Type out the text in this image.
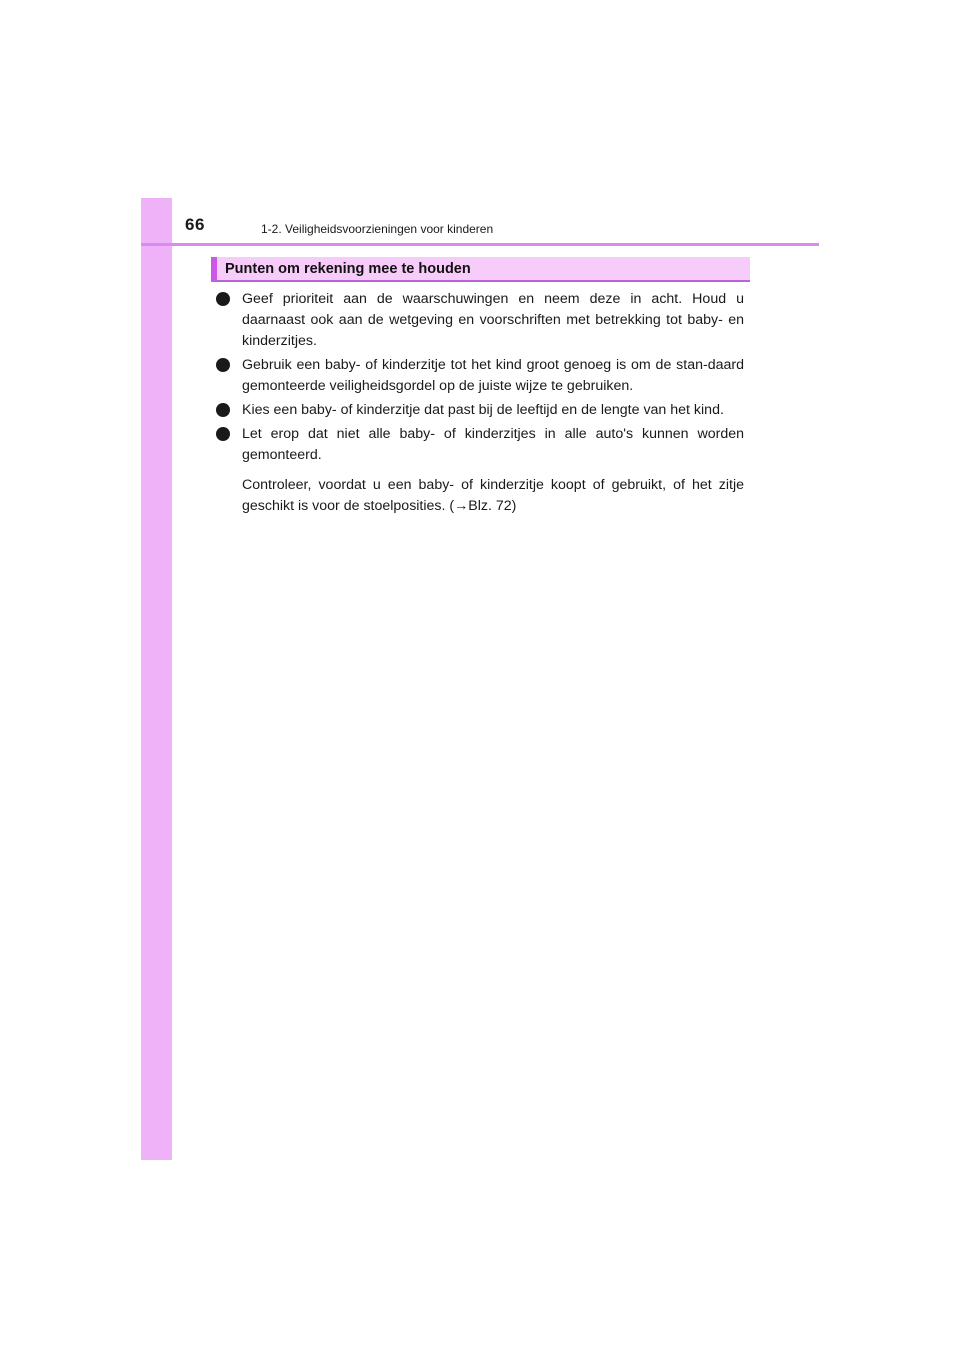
66	1-2. Veiligheidsvoorzieningen voor kinderen
Punten om rekening mee te houden
Geef prioriteit aan de waarschuwingen en neem deze in acht. Houd u daarnaast ook aan de wetgeving en voorschriften met betrekking tot baby- en kinderzitjes.
Gebruik een baby- of kinderzitje tot het kind groot genoeg is om de stan-daard gemonteerde veiligheidsgordel op de juiste wijze te gebruiken.
Kies een baby- of kinderzitje dat past bij de leeftijd en de lengte van het kind.
Let erop dat niet alle baby- of kinderzitjes in alle auto's kunnen worden gemonteerd.
Controleer, voordat u een baby- of kinderzitje koopt of gebruikt, of het zitje geschikt is voor de stoelposities. (→Blz. 72)
